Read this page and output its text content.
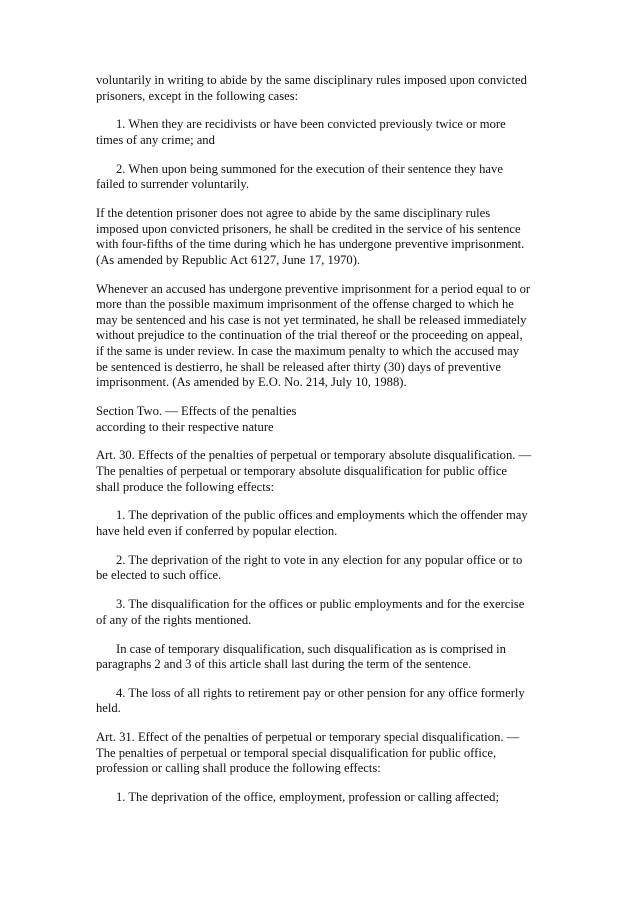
voluntarily in writing to abide by the same disciplinary rules imposed upon convicted
prisoners, except in the following cases:
1. When they are recidivists or have been convicted previously twice or more
times of any crime; and
2. When upon being summoned for the execution of their sentence they have
failed to surrender voluntarily.
If the detention prisoner does not agree to abide by the same disciplinary rules
imposed upon convicted prisoners, he shall be credited in the service of his sentence
with four-fifths of the time during which he has undergone preventive imprisonment.
(As amended by Republic Act 6127, June 17, 1970).
Whenever an accused has undergone preventive imprisonment for a period equal to or
more than the possible maximum imprisonment of the offense charged to which he
may be sentenced and his case is not yet terminated, he shall be released immediately
without prejudice to the continuation of the trial thereof or the proceeding on appeal,
if the same is under review. In case the maximum penalty to which the accused may
be sentenced is destierro, he shall be released after thirty (30) days of preventive
imprisonment. (As amended by E.O. No. 214, July 10, 1988).
Section Two. — Effects of the penalties
according to their respective nature
Art. 30. Effects of the penalties of perpetual or temporary absolute disqualification. —
The penalties of perpetual or temporary absolute disqualification for public office
shall produce the following effects:
1. The deprivation of the public offices and employments which the offender may
have held even if conferred by popular election.
2. The deprivation of the right to vote in any election for any popular office or to
be elected to such office.
3. The disqualification for the offices or public employments and for the exercise
of any of the rights mentioned.
In case of temporary disqualification, such disqualification as is comprised in
paragraphs 2 and 3 of this article shall last during the term of the sentence.
4. The loss of all rights to retirement pay or other pension for any office formerly
held.
Art. 31. Effect of the penalties of perpetual or temporary special disqualification. —
The penalties of perpetual or temporal special disqualification for public office,
profession or calling shall produce the following effects:
1. The deprivation of the office, employment, profession or calling affected;
